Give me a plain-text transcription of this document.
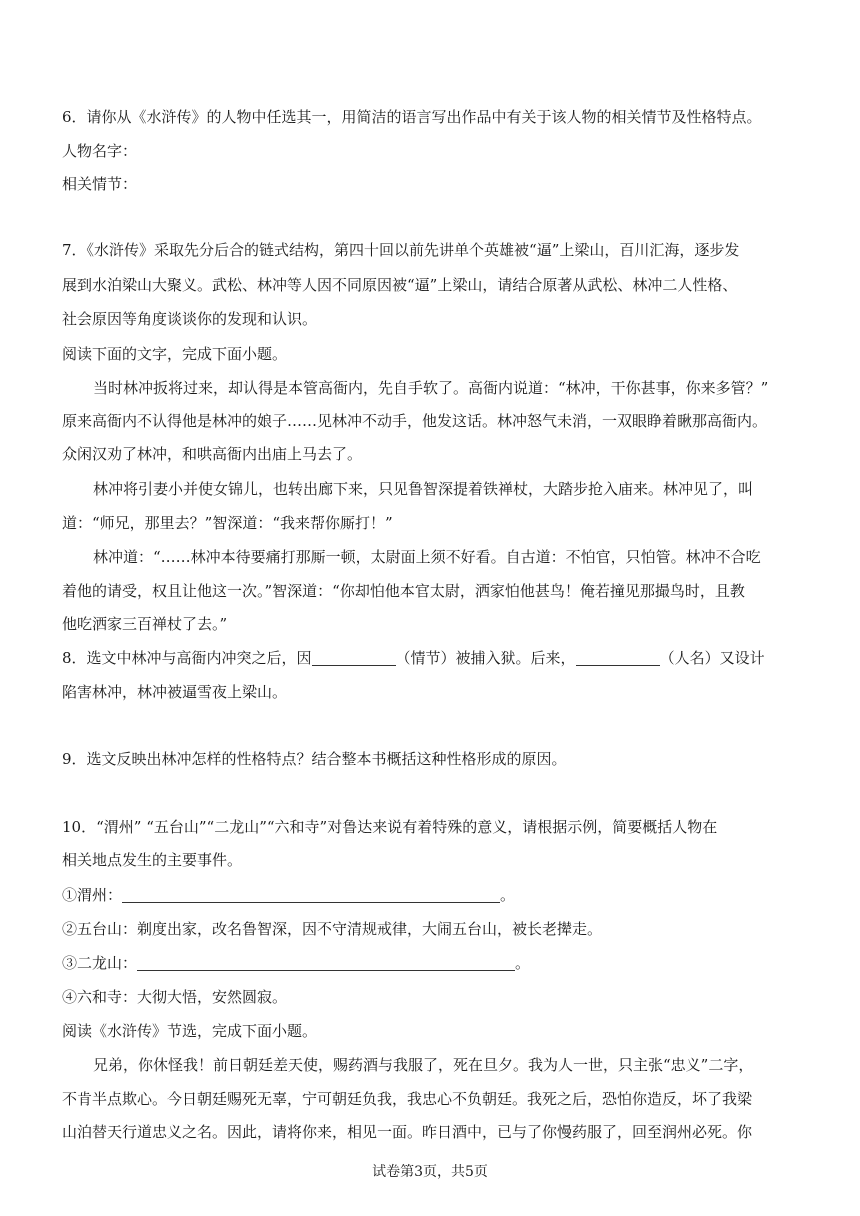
6．请你从《水浒传》的人物中任选其一，用简洁的语言写出作品中有关于该人物的相关情节及性格特点。
人物名字：
相关情节：
7．《水浒传》采取先分后合的链式结构，第四十回以前先讲单个英雄被“逼”上梁山，百川汇海，逐步发
展到水泊梁山大聚义。武松、林冲等人因不同原因被“逼”上梁山，请结合原著从武松、林冲二人性格、
社会原因等角度谈谈你的发现和认识。
阅读下面的文字，完成下面小题。
当时林冲扳将过来，却认得是本管高衙内，先自手软了。高衙内说道：“林冲，干你甚事，你来多管？”
原来高衙内不认得他是林冲的娘子……见林冲不动手，他发这话。林冲怒气未消，一双眼睁着瞅那高衙内。
众闲汉劝了林冲，和哄高衙内出庙上马去了。
林冲将引妻小并使女锦儿，也转出廊下来，只见鲁智深提着铁禅杖，大踏步抢入庙来。林冲见了，叫
道：“师兄，那里去？”智深道：“我来帮你厮打！”
林冲道：“……林冲本待要痛打那厮一顿，太尉面上须不好看。自古道：不怕官，只怕管。林冲不合吃
着他的请受，权且让他这一次。”智深道：“你却怕他本官太尉，洒家怕他甚鸟！俺若撞见那撮鸟时，且教
他吃洒家三百禅杖了去。”
8．选文中林冲与高衙内冲突之后，因	（情节）被捕入狱。后来，	（人名）又设计
陷害林冲，林冲被逼雪夜上梁山。
9．选文反映出林冲怎样的性格特点？结合整本书概括这种性格形成的原因。
10．“渭州” “五台山”“二龙山”“六和寺”对鲁达来说有着特殊的意义，请根据示例，简要概括人物在
相关地点发生的主要事件。
①渭州：	。
②五台山：剃度出家，改名鲁智深，因不守清规戒律，大闹五台山，被长老撵走。
③二龙山：	。
④六和寺：大彻大悟，安然圆寂。
阅读《水浒传》节选，完成下面小题。
兄弟，你休怪我！前日朝廷差天使，赐药酒与我服了，死在旦夕。我为人一世，只主张“忠义”二字，
不肯半点欺心。今日朝廷赐死无辜，宁可朝廷负我，我忠心不负朝廷。我死之后，恐怕你造反，坏了我梁
山泊替天行道忠义之名。因此，请将你来，相见一面。昨日酒中，已与了你慢药服了，回至润州必死。你
试卷第3页，共5页
